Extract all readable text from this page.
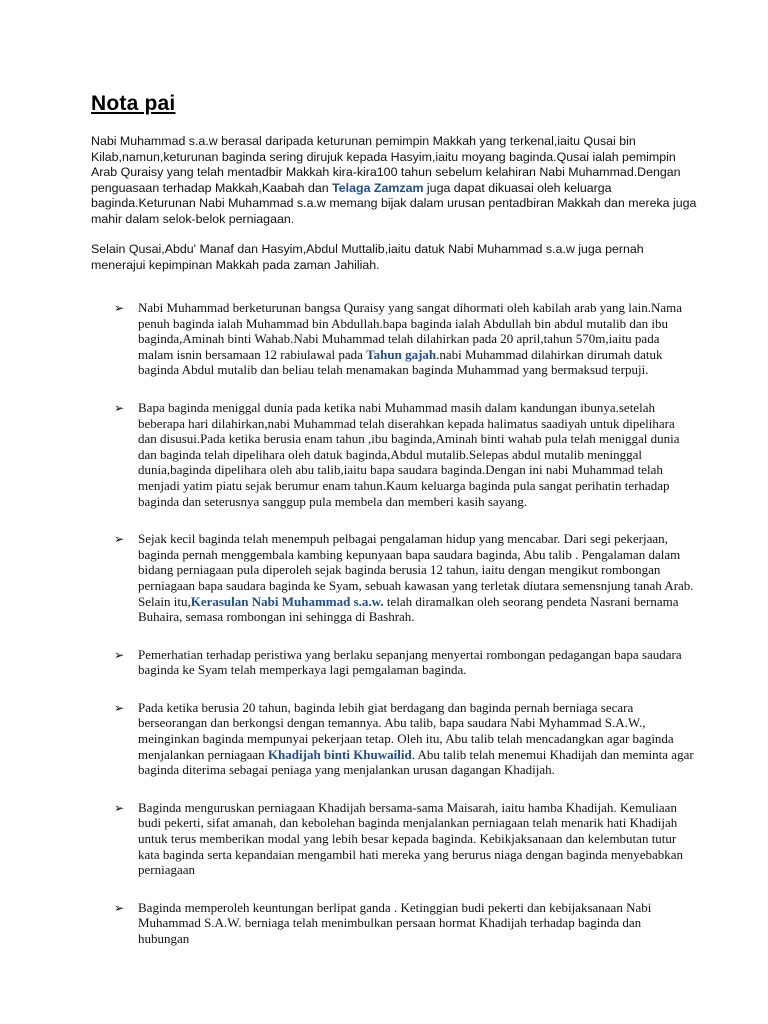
Nota pai

Nabi Muhammad s.a.w berasal daripada keturunan pemimpin Makkah yang terkenal,iaitu Qusai bin Kilab,namun,keturunan baginda sering dirujuk kepada Hasyim,iaitu moyang baginda.Qusai ialah pemimpin Arab Quraisy yang telah mentadbir Makkah kira-kira100 tahun sebelum kelahiran Nabi Muhammad.Dengan penguasaan terhadap Makkah,Kaabah dan Telaga Zamzam juga dapat dikuasai oleh keluarga baginda.Keturunan Nabi Muhammad s.a.w memang bijak dalam urusan pentadbiran Makkah dan mereka juga mahir dalam selok-belok perniagaan.

Selain Qusai,Abdu' Manaf dan Hasyim,Abdul Muttalib,iaitu datuk Nabi Muhammad s.a.w juga pernah menerajui kepimpinan Makkah pada zaman Jahiliah.

➢ Nabi Muhammad berketurunan bangsa Quraisy yang sangat dihormati oleh kabilah arab yang lain.Nama penuh baginda ialah Muhammad bin Abdullah.bapa baginda ialah Abdullah bin abdul mutalib dan ibu baginda,Aminah binti Wahab.Nabi Muhammad telah dilahirkan pada 20 april,tahun 570m,iaitu pada malam isnin bersamaan 12 rabiulawal pada Tahun gajah.nabi Muhammad dilahirkan dirumah datuk baginda Abdul mutalib dan beliau telah menamakan baginda Muhammad yang bermaksud terpuji.
➢ Bapa baginda meniggal dunia pada ketika nabi Muhammad masih dalam kandungan ibunya.setelah beberapa hari dilahirkan,nabi Muhammad telah diserahkan kepada halimatus saadiyah untuk dipelihara dan disusui.Pada ketika berusia enam tahun ,ibu baginda,Aminah binti wahab pula telah meniggal dunia dan baginda telah dipelihara oleh datuk baginda,Abdul mutalib.Selepas abdul mutalib meninggal dunia,baginda dipelihara oleh abu talib,iaitu bapa saudara baginda.Dengan ini nabi Muhammad telah menjadi yatim piatu sejak berumur enam tahun.Kaum keluarga baginda pula sangat perihatin terhadap baginda dan seterusnya sanggup pula membela dan memberi kasih sayang.
➢ Sejak kecil baginda telah menempuh pelbagai pengalaman hidup yang mencabar. Dari segi pekerjaan, baginda pernah menggembala kambing kepunyaan bapa saudara baginda, Abu talib . Pengalaman dalam bidang perniagaan pula diperoleh sejak baginda berusia 12 tahun, iaitu dengan mengikut rombongan perniagaan bapa saudara baginda ke Syam, sebuah kawasan yang terletak diutara semensnjung tanah Arab. Selain itu,Kerasulan Nabi Muhammad s.a.w. telah diramalkan oleh seorang pendeta Nasrani bernama Buhaira, semasa rombongan ini sehingga di Bashrah.
➢ Pemerhatian terhadap peristiwa yang berlaku sepanjang menyertai rombongan pedagangan bapa saudara baginda ke Syam telah memperkaya lagi pemgalaman baginda.
➢ Pada ketika berusia 20 tahun, baginda lebih giat berdagang dan baginda pernah berniaga secara berseorangan dan berkongsi dengan temannya. Abu talib, bapa saudara Nabi Myhammad S.A.W., meinginkan baginda mempunyai pekerjaan tetap. Oleh itu, Abu talib telah mencadangkan agar baginda menjalankan perniagaan Khadijah binti Khuwailid. Abu talib telah menemui Khadijah dan meminta agar baginda diterima sebagai peniaga yang menjalankan urusan dagangan Khadijah.
➢ Baginda menguruskan perniagaan Khadijah bersama-sama Maisarah, iaitu hamba Khadijah. Kemuliaan budi pekerti, sifat amanah, dan kebolehan baginda menjalankan perniagaan telah menarik hati Khadijah untuk terus memberikan modal yang lebih besar kepada baginda. Kebikjaksanaan dan kelembutan tutur kata baginda serta kepandaian mengambil hati mereka yang berurus niaga dengan baginda menyebabkan perniagaan
➢ Baginda memperoleh keuntungan berlipat ganda . Ketinggian budi pekerti dan kebijaksanaan Nabi Muhammad S.A.W. berniaga telah menimbulkan persaan hormat Khadijah terhadap baginda dan hubungan
